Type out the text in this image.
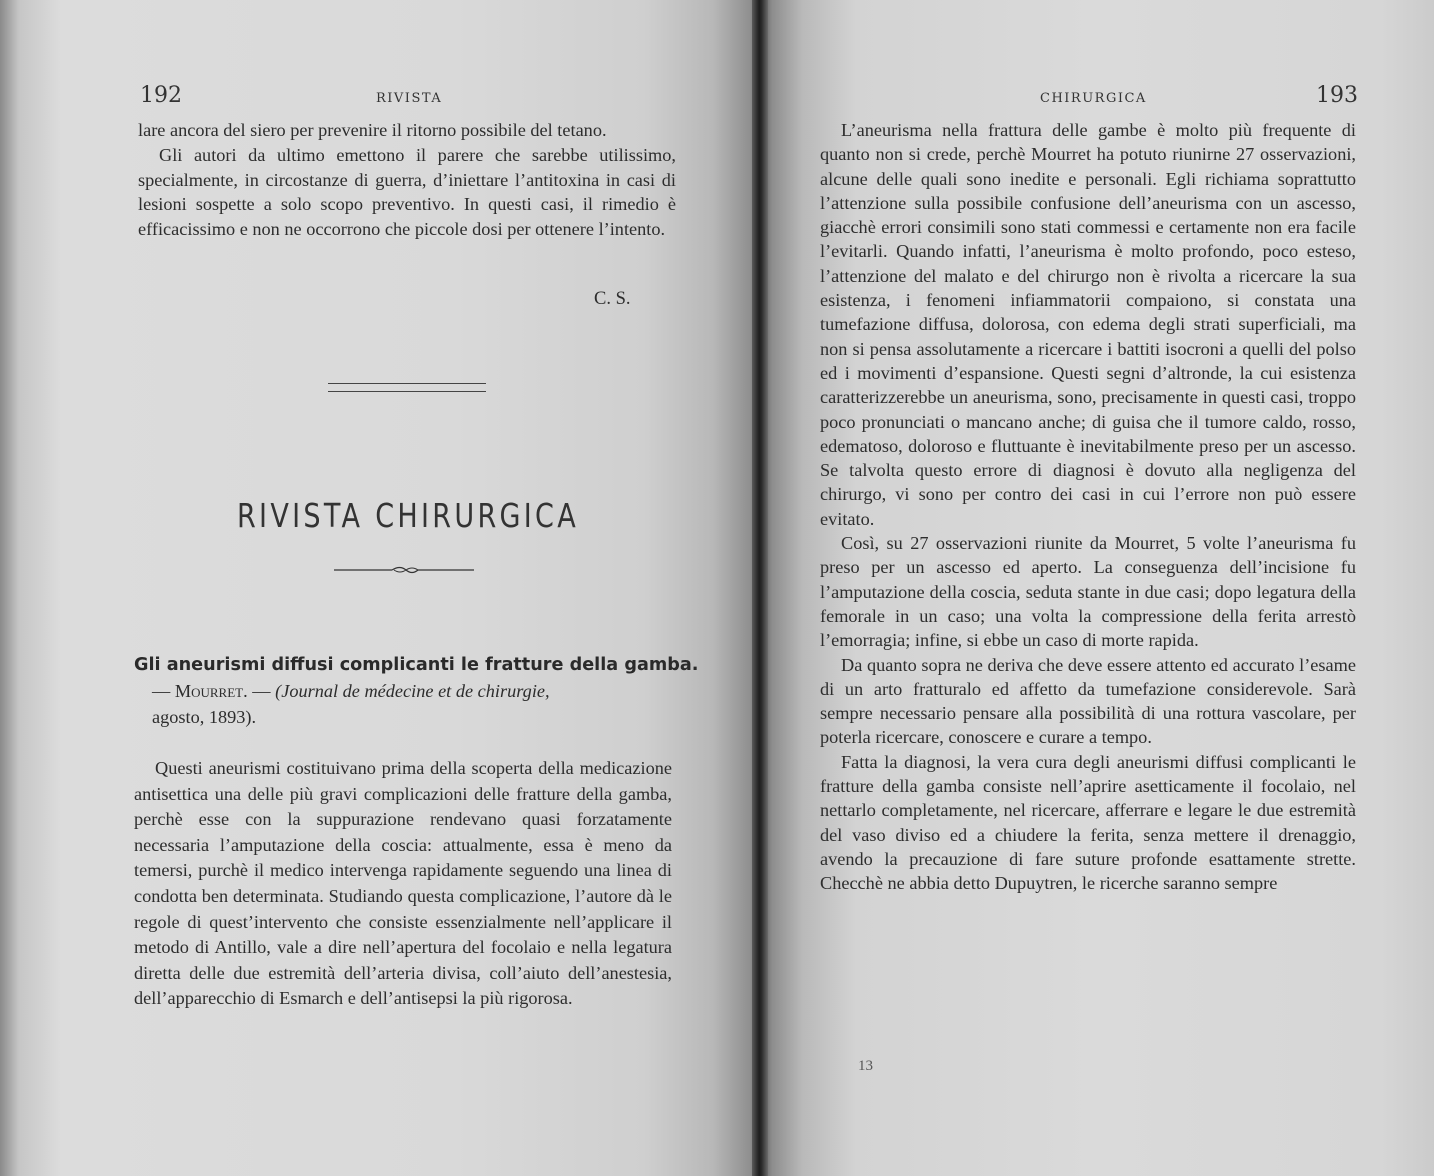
192	RIVISTA

lare ancora del siero per prevenire il ritorno possibile del tetano.

Gli autori da ultimo emettono il parere che sarebbe utilissimo, specialmente, in circostanze di guerra, d’iniettare l’antitoxina in casi di lesioni sospette a solo scopo preventivo. In questi casi, il rimedio è efficacissimo e non ne occorrono che piccole dosi per ottenere l’intento.

C. S.
RIVISTA CHIRURGICA
Gli aneurismi diffusi complicanti le fratture della gamba.
— Mourret. — (Journal de médecine et de chirurgie,
agosto, 1893).

Questi aneurismi costituivano prima della scoperta della medicazione antisettica una delle più gravi complicazioni delle fratture della gamba, perchè esse con la suppurazione rendevano quasi forzatamente necessaria l’amputazione della coscia: attualmente, essa è meno da temersi, purchè il medico intervenga rapidamente seguendo una linea di condotta ben determinata. Studiando questa complicazione, l’autore dà le regole di quest’intervento che consiste essenzialmente nell’applicare il metodo di Antillo, vale a dire nell’apertura del focolaio e nella legatura diretta delle due estremità dell’arteria divisa, coll’aiuto dell’anestesia, dell’apparecchio di Esmarch e dell’antisepsi la più rigorosa.

CHIRURGICA	193

L’aneurisma nella frattura delle gambe è molto più frequente di quanto non si crede, perchè Mourret ha potuto riunirne 27 osservazioni, alcune delle quali sono inedite e personali. Egli richiama soprattutto l’attenzione sulla possibile confusione dell’aneurisma con un ascesso, giacchè errori consimili sono stati commessi e certamente non era facile l’evitarli. Quando infatti, l’aneurisma è molto profondo, poco esteso, l’attenzione del malato e del chirurgo non è rivolta a ricercare la sua esistenza, i fenomeni infiammatorii compaiono, si constata una tumefazione diffusa, dolorosa, con edema degli strati superficiali, ma non si pensa assolutamente a ricercare i battiti isocroni a quelli del polso ed i movimenti d’espansione. Questi segni d’altronde, la cui esistenza caratterizzerebbe un aneurisma, sono, precisamente in questi casi, troppo poco pronunciati o mancano anche; di guisa che il tumore caldo, rosso, edematoso, doloroso e fluttuante è inevitabilmente preso per un ascesso. Se talvolta questo errore di diagnosi è dovuto alla negligenza del chirurgo, vi sono per contro dei casi in cui l’errore non può essere evitato.

Così, su 27 osservazioni riunite da Mourret, 5 volte l’aneurisma fu preso per un ascesso ed aperto. La conseguenza dell’incisione fu l’amputazione della coscia, seduta stante in due casi; dopo legatura della femorale in un caso; una volta la compressione della ferita arrestò l’emorragia; infine, si ebbe un caso di morte rapida.

Da quanto sopra ne deriva che deve essere attento ed accurato l’esame di un arto fratturalo ed affetto da tumefazione considerevole. Sarà sempre necessario pensare alla possibilità di una rottura vascolare, per poterla ricercare, conoscere e curare a tempo.

Fatta la diagnosi, la vera cura degli aneurismi diffusi complicanti le fratture della gamba consiste nell’aprire asetticamente il focolaio, nel nettarlo completamente, nel ricercare, afferrare e legare le due estremità del vaso diviso ed a chiudere la ferita, senza mettere il drenaggio, avendo la precauzione di fare suture profonde esattamente strette. Checchè ne abbia detto Dupuytren, le ricerche saranno sempre

13
